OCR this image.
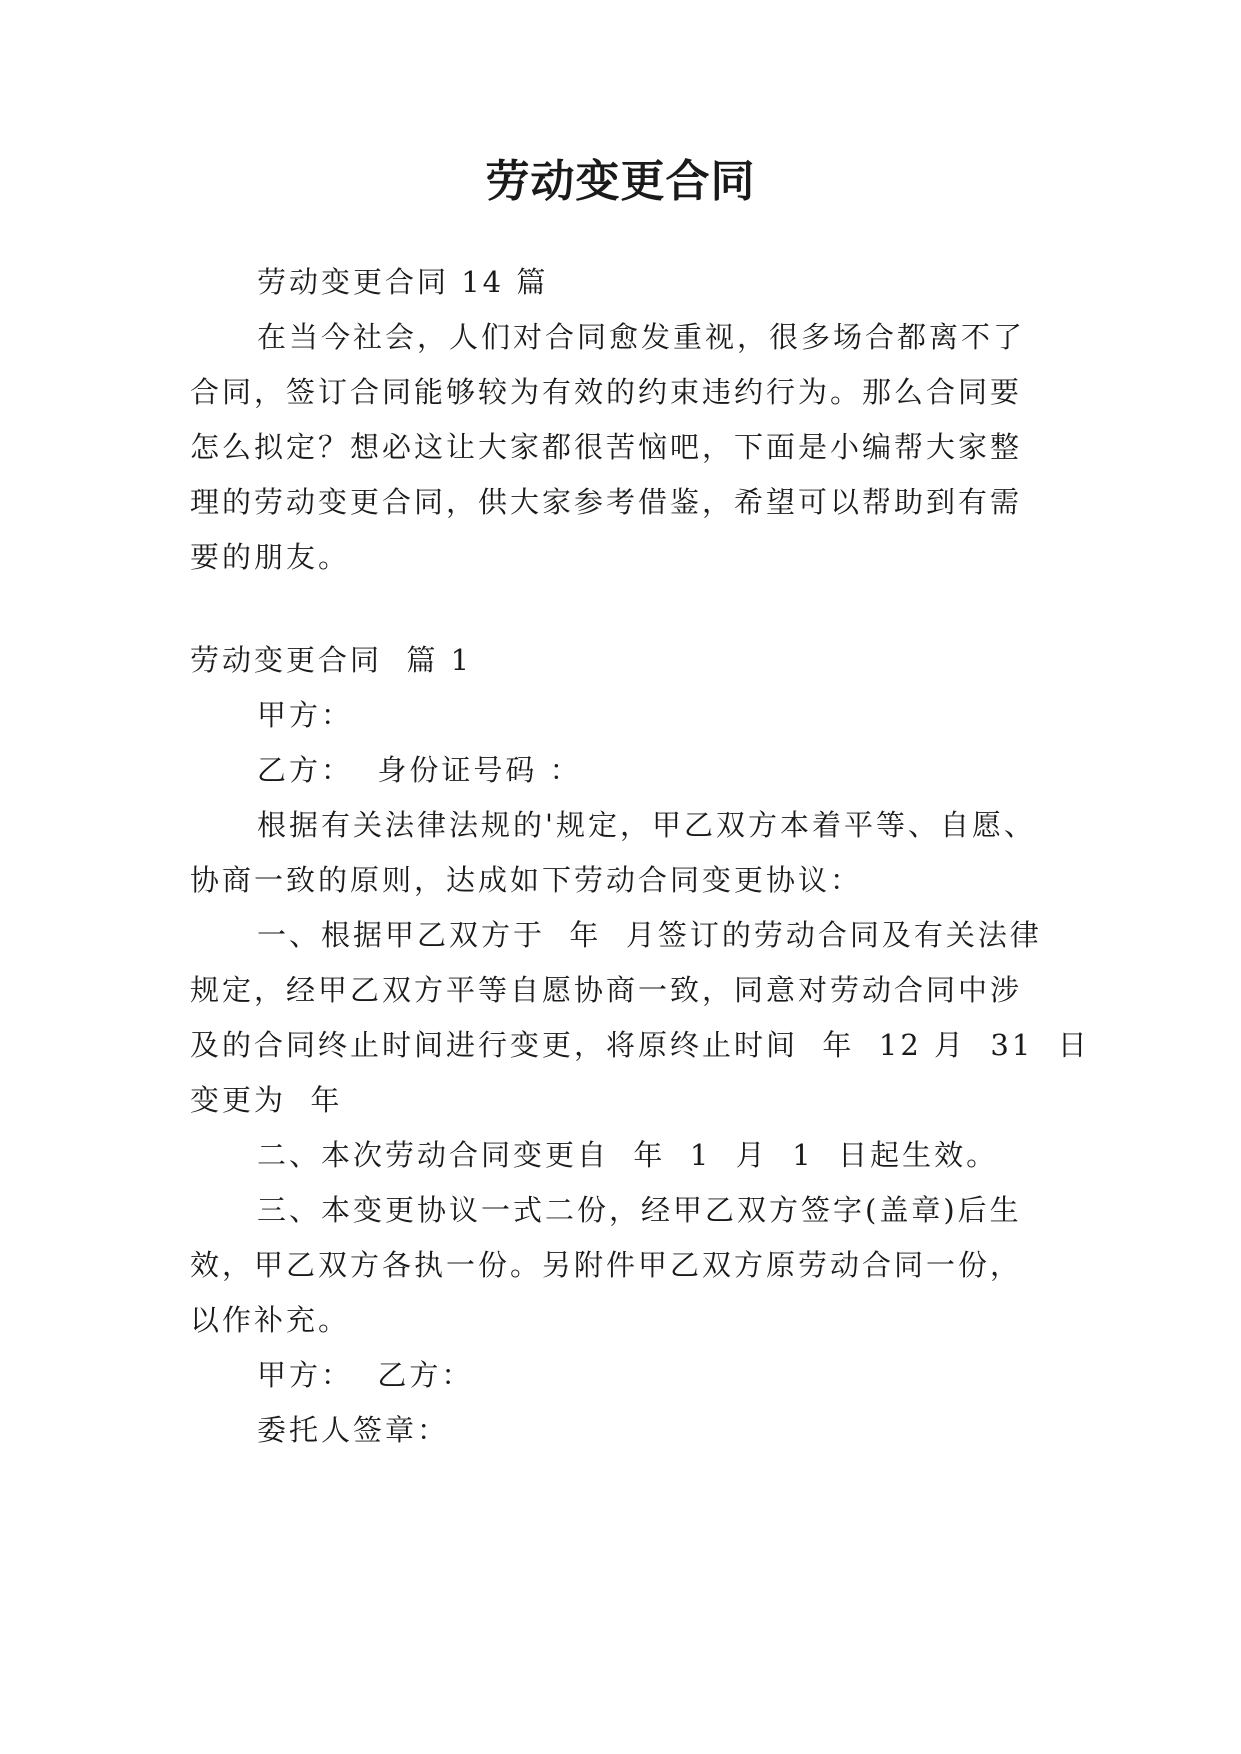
劳动变更合同

劳动变更合同 14 篇

在当今社会，人们对合同愈发重视，很多场合都离不了

合同，签订合同能够较为有效的约束违约行为。那么合同要

怎么拟定？想必这让大家都很苦恼吧，下面是小编帮大家整

理的劳动变更合同，供大家参考借鉴，希望可以帮助到有需

要的朋友。

劳动变更合同  篇 1

甲方：

乙方：  身份证号码 ：

根据有关法律法规的'规定，甲乙双方本着平等、自愿、

协商一致的原则，达成如下劳动合同变更协议：

一、根据甲乙双方于  年  月签订的劳动合同及有关法律

规定，经甲乙双方平等自愿协商一致，同意对劳动合同中涉

及的合同终止时间进行变更，将原终止时间  年  12 月  31  日

变更为  年

二、本次劳动合同变更自  年  1  月  1  日起生效。

三、本变更协议一式二份，经甲乙双方签字(盖章)后生

效，甲乙双方各执一份。另附件甲乙双方原劳动合同一份，

以作补充。

甲方：  乙方：

委托人签章：
